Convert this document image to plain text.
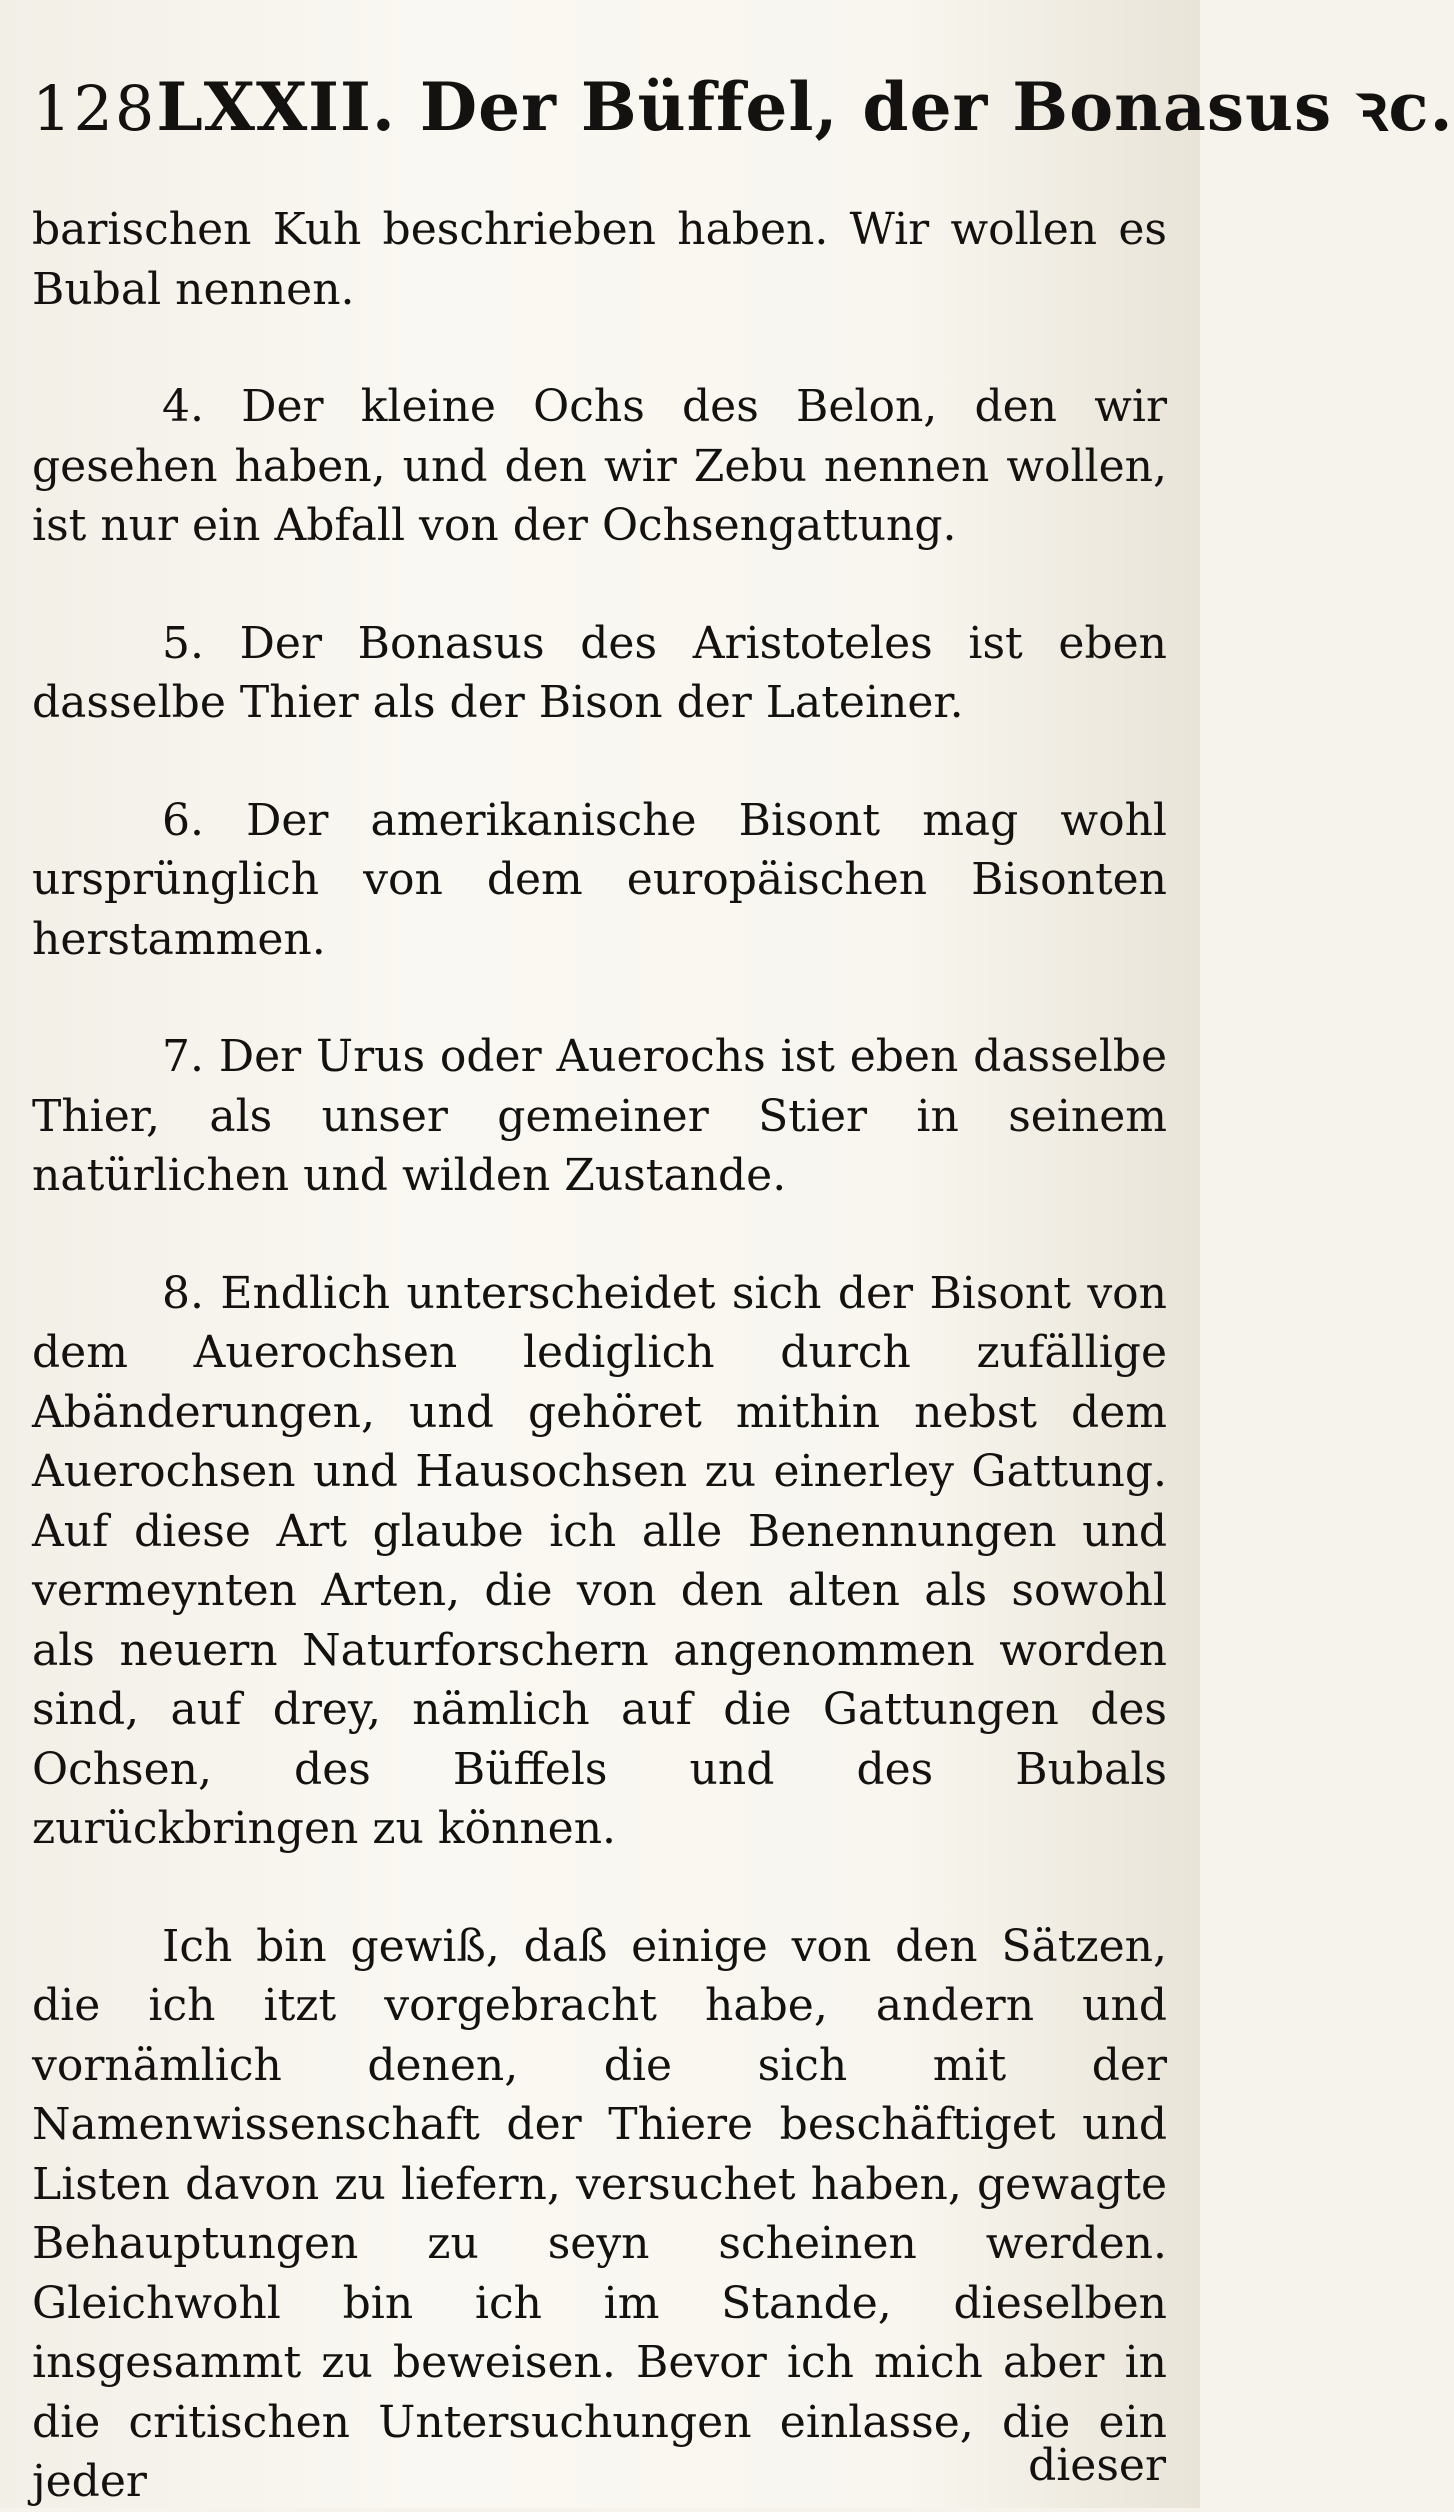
128 LXXII. Der Büffel, der Bonasus ꝛc.

barischen Kuh beschrieben haben. Wir wollen es Bubal nennen.

4. Der kleine Ochs des Belon, den wir gesehen haben, und den wir Zebu nennen wollen, ist nur ein Abfall von der Ochsengattung.

5. Der Bonasus des Aristoteles ist eben dasselbe Thier als der Bison der Lateiner.

6. Der amerikanische Bisont mag wohl ursprünglich von dem europäischen Bisonten herstammen.

7. Der Urus oder Auerochs ist eben dasselbe Thier, als unser gemeiner Stier in seinem natürlichen und wilden Zustande.

8. Endlich unterscheidet sich der Bisont von dem Auerochsen lediglich durch zufällige Abänderungen, und gehöret mithin nebst dem Auerochsen und Hausochsen zu einerley Gattung. Auf diese Art glaube ich alle Benennungen und vermeynten Arten, die von den alten als sowohl als neuern Naturforschern angenommen worden sind, auf drey, nämlich auf die Gattungen des Ochsen, des Büffels und des Bubals zurückbringen zu können.

Ich bin gewiß, daß einige von den Sätzen, die ich itzt vorgebracht habe, andern und vornämlich denen, die sich mit der Namenwissenschaft der Thiere beschäftiget und Listen davon zu liefern, versuchet haben, gewagte Behauptungen zu seyn scheinen werden. Gleichwohl bin ich im Stande, dieselben insgesammt zu beweisen. Bevor ich mich aber in die critischen Untersuchungen einlasse, die ein jeder	dieser
